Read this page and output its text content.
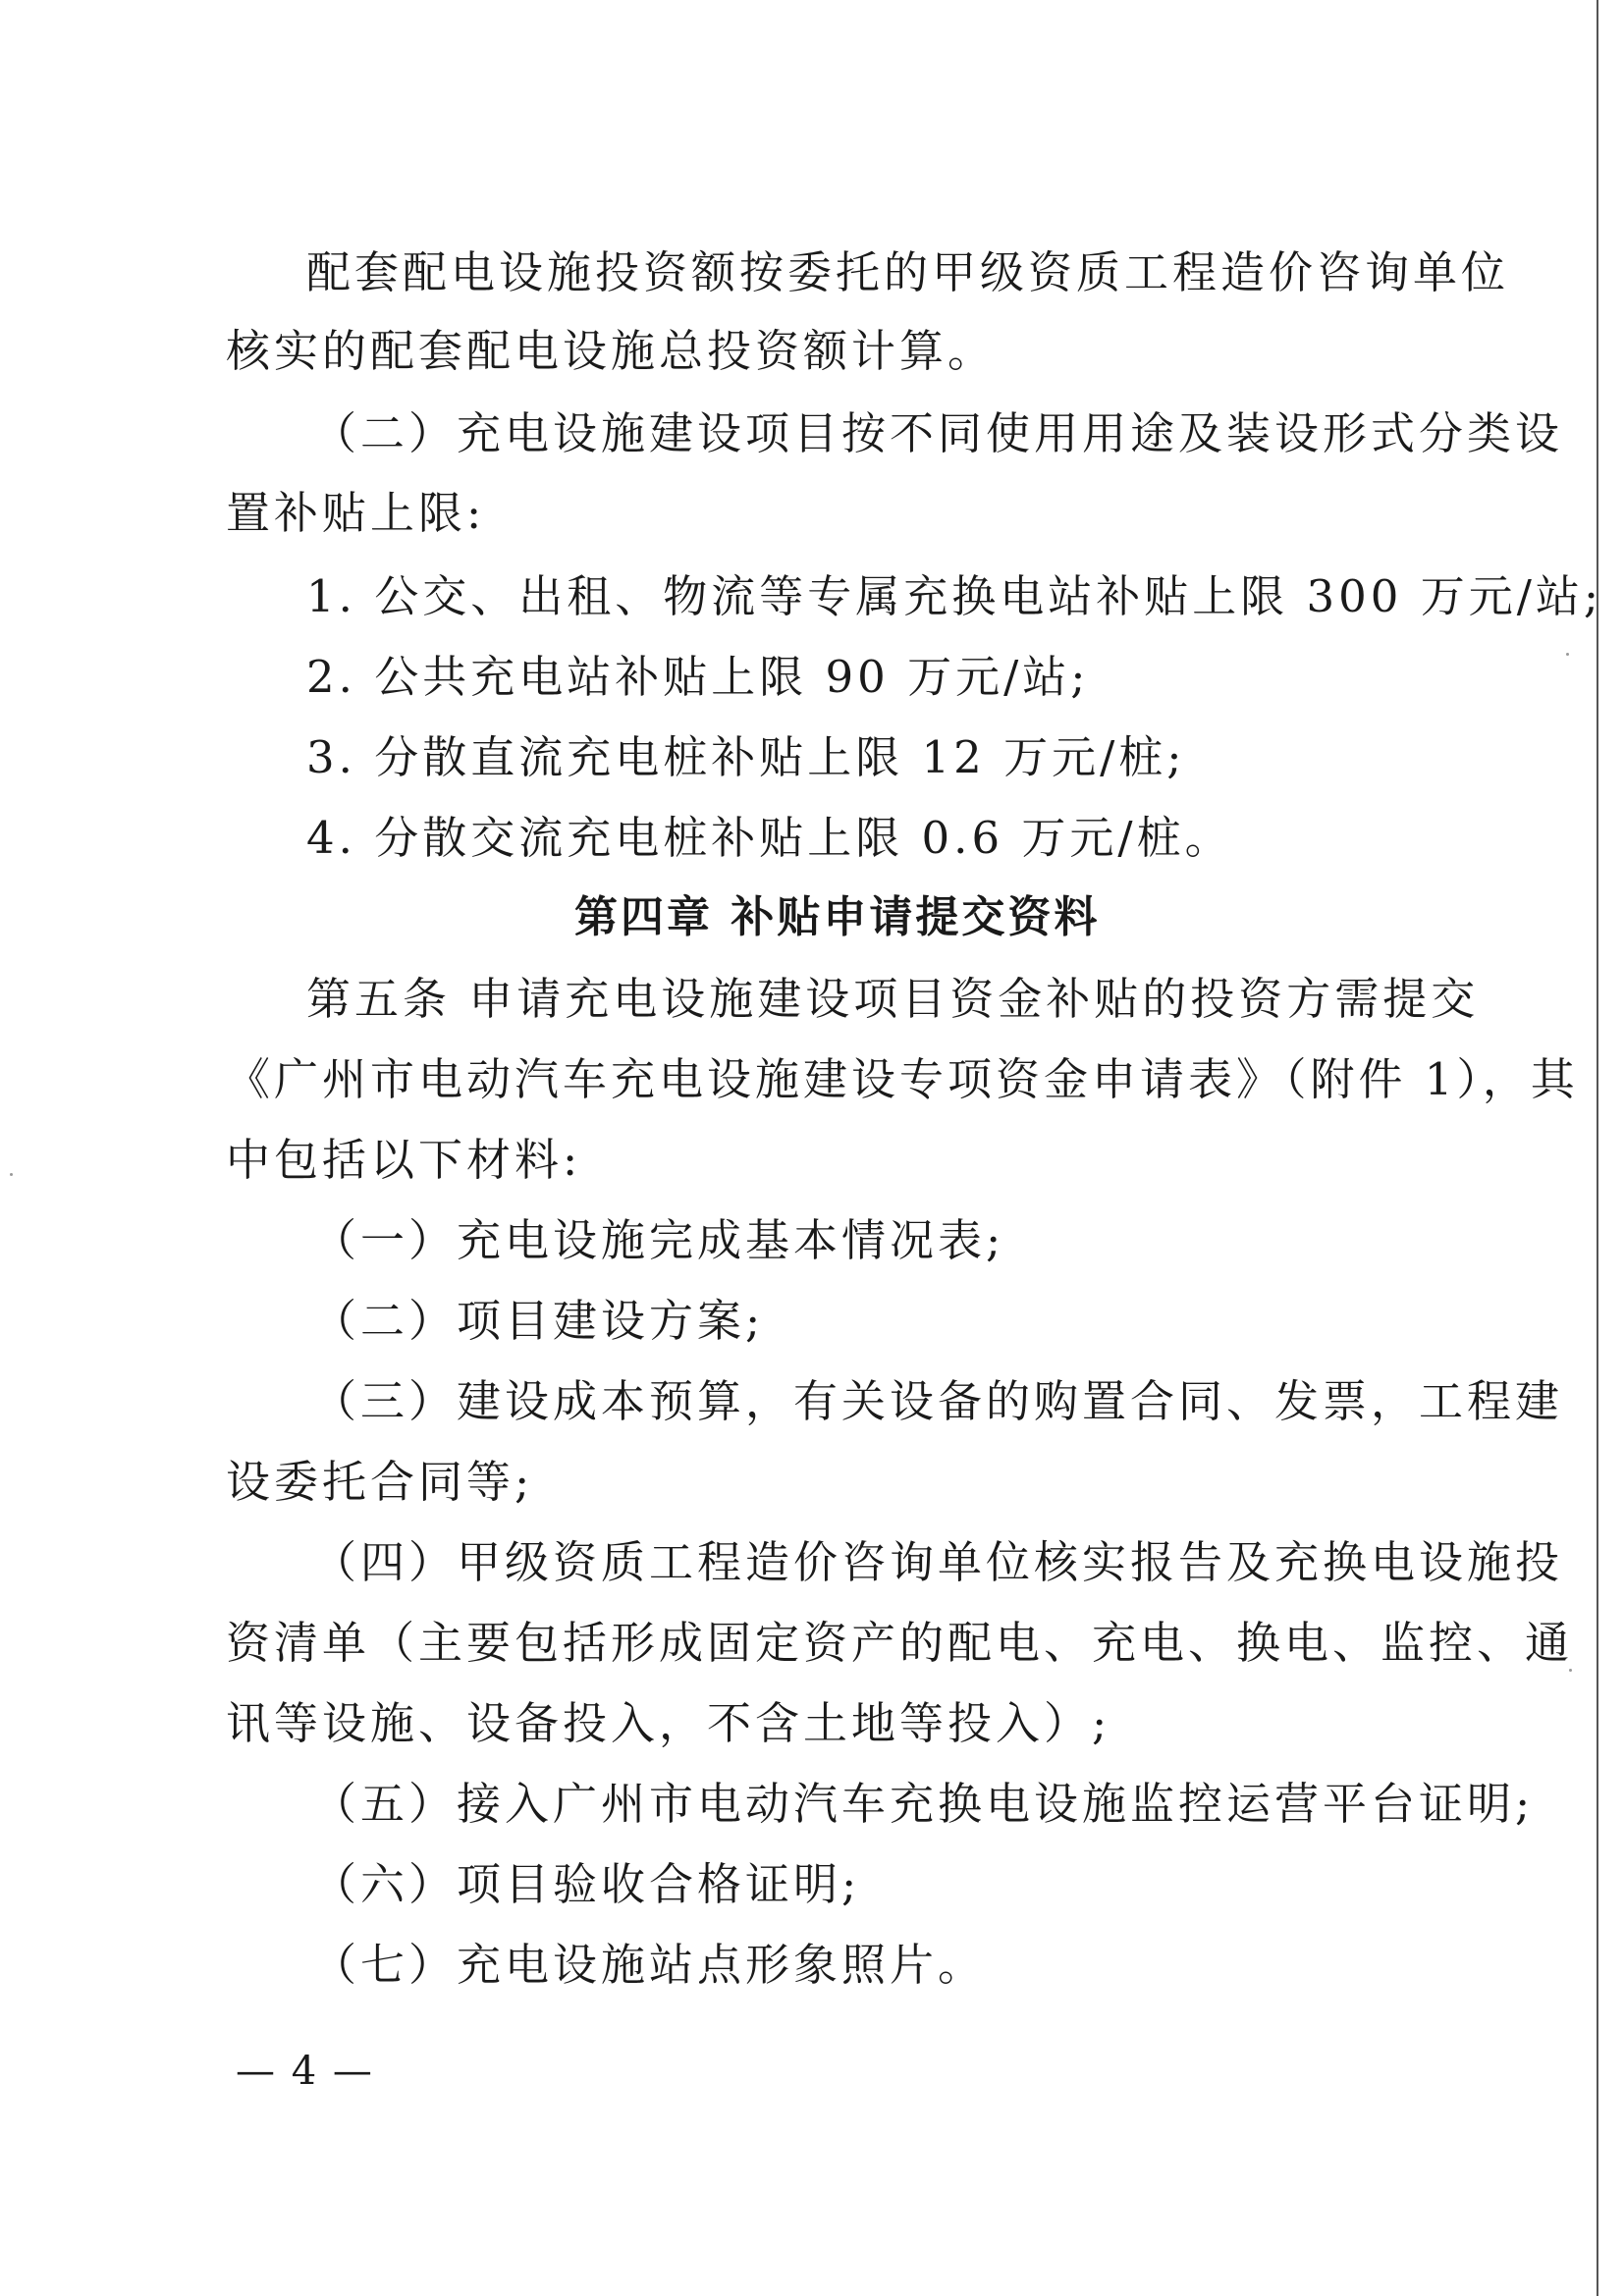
配套配电设施投资额按委托的甲级资质工程造价咨询单位
核实的配套配电设施总投资额计算。
（二）充电设施建设项目按不同使用用途及装设形式分类设
置补贴上限:
1. 公交、出租、物流等专属充换电站补贴上限 300 万元/站;
2. 公共充电站补贴上限 90 万元/站;
3. 分散直流充电桩补贴上限 12 万元/桩;
4. 分散交流充电桩补贴上限 0.6 万元/桩。
第四章 补贴申请提交资料
第五条 申请充电设施建设项目资金补贴的投资方需提交
《广州市电动汽车充电设施建设专项资金申请表》（附件 1），其
中包括以下材料:
（一）充电设施完成基本情况表;
（二）项目建设方案;
（三）建设成本预算，有关设备的购置合同、发票，工程建
设委托合同等;
（四）甲级资质工程造价咨询单位核实报告及充换电设施投
资清单（主要包括形成固定资产的配电、充电、换电、监控、通
讯等设施、设备投入，不含土地等投入）;
（五）接入广州市电动汽车充换电设施监控运营平台证明;
（六）项目验收合格证明;
（七）充电设施站点形象照片。
— 4 —
